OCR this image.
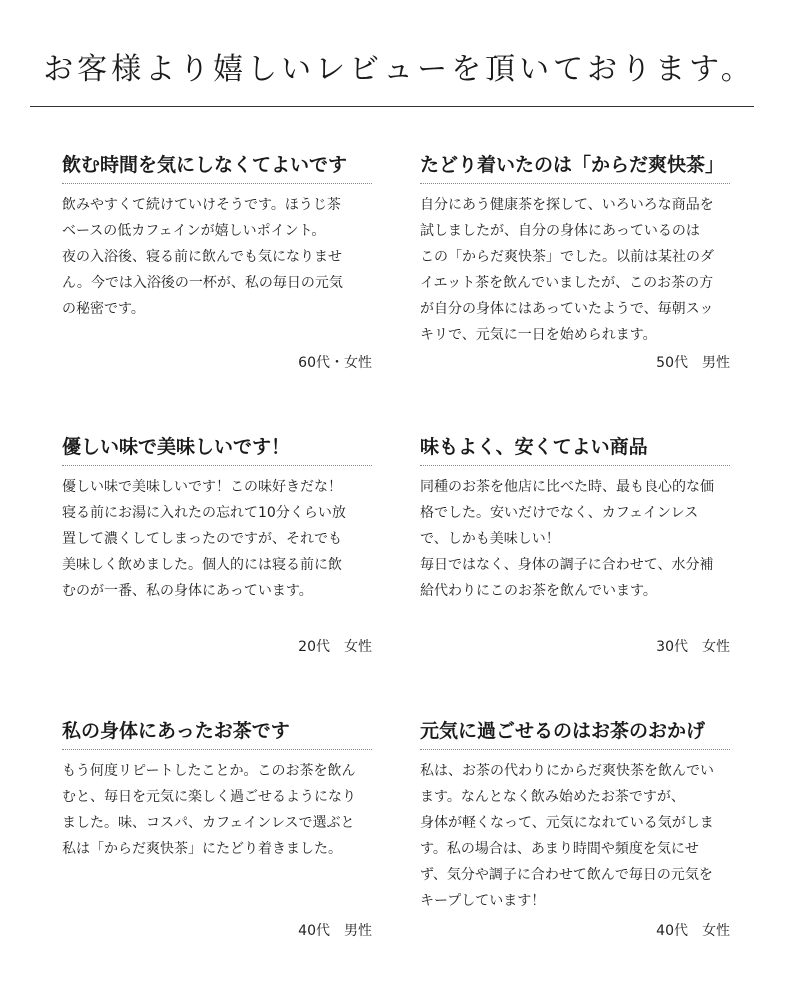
お客様より嬉しいレビューを頂いております。
飲む時間を気にしなくてよいです
飲みやすくて続けていけそうです。ほうじ茶
ベースの低カフェインが嬉しいポイント。
夜の入浴後、寝る前に飲んでも気になりませ
ん。今では入浴後の一杯が、私の毎日の元気
の秘密です。
60代・女性
たどり着いたのは「からだ爽快茶」
自分にあう健康茶を探して、いろいろな商品を
試しましたが、自分の身体にあっているのは
この「からだ爽快茶」でした。以前は某社のダ
イエット茶を飲んでいましたが、このお茶の方
が自分の身体にはあっていたようで、毎朝スッ
キリで、元気に一日を始められます。
50代　男性
優しい味で美味しいです！
優しい味で美味しいです！この味好きだな！
寝る前にお湯に入れたの忘れて10分くらい放
置して濃くしてしまったのですが、それでも
美味しく飲めました。個人的には寝る前に飲
むのが一番、私の身体にあっています。
20代　女性
味もよく、安くてよい商品
同種のお茶を他店に比べた時、最も良心的な価
格でした。安いだけでなく、カフェインレス
で、しかも美味しい！
毎日ではなく、身体の調子に合わせて、水分補
給代わりにこのお茶を飲んでいます。
30代　女性
私の身体にあったお茶です
もう何度リピートしたことか。このお茶を飲ん
むと、毎日を元気に楽しく過ごせるようになり
ました。味、コスパ、カフェインレスで選ぶと
私は「からだ爽快茶」にたどり着きました。
40代　男性
元気に過ごせるのはお茶のおかげ
私は、お茶の代わりにからだ爽快茶を飲んでい
ます。なんとなく飲み始めたお茶ですが、
身体が軽くなって、元気になれている気がしま
す。私の場合は、あまり時間や頻度を気にせ
ず、気分や調子に合わせて飲んで毎日の元気を
キープしています！
40代　女性
